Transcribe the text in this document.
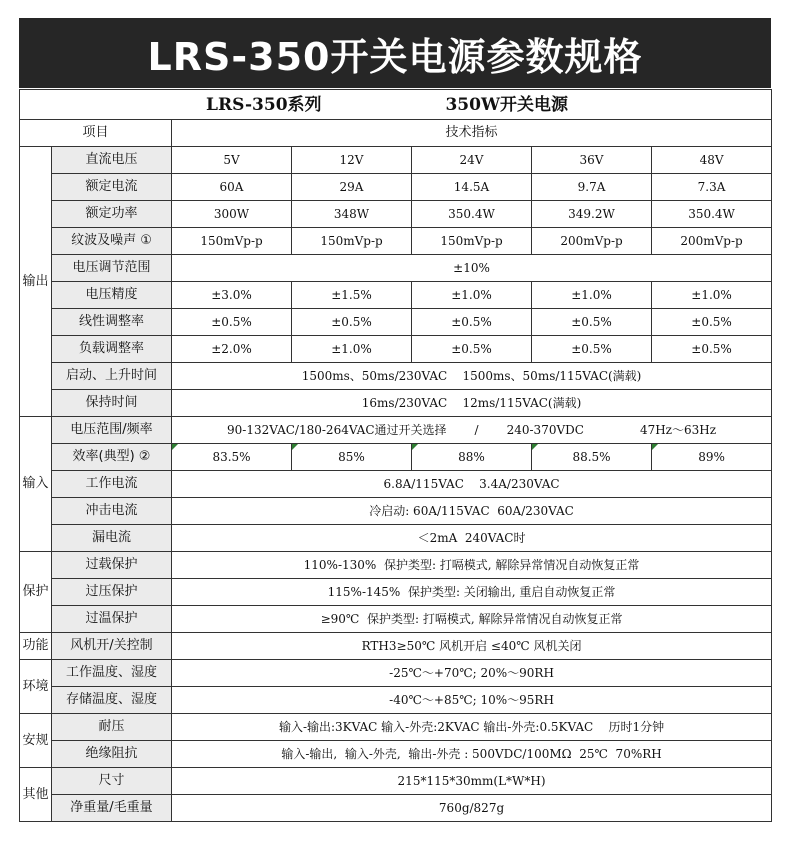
LRS-350开关电源参数规格
LRS-350系列 350W开关电源						
项目		技术指标				
输出	直流电压	5V	12V	24V	36V	48V
	额定电流	60A	29A	14.5A	9.7A	7.3A
	额定功率	300W	348W	350.4W	349.2W	350.4W
	纹波及噪声 ①	150mVp-p	150mVp-p	150mVp-p	200mVp-p	200mVp-p
	电压调节范围	±10%				
	电压精度	±3.0%	±1.5%	±1.0%	±1.0%	±1.0%
	线性调整率	±0.5%	±0.5%	±0.5%	±0.5%	±0.5%
	负载调整率	±2.0%	±1.0%	±0.5%	±0.5%	±0.5%
	启动、上升时间	1500ms、50ms/230VAC    1500ms、50ms/115VAC(满载)				
	保持时间	16ms/230VAC    12ms/115VAC(满载)				
输入	电压范围/频率	90-132VAC/180-264VAC通过开关选择 / 240-370VDC 47Hz～63Hz				
	效率(典型) ②	83.5%	85%	88%	88.5%	89%
	工作电流	6.8A/115VAC    3.4A/230VAC				
	冲击电流	冷启动: 60A/115VAC  60A/230VAC				
	漏电流	＜2mA  240VAC时				
保护	过载保护	110%-130%  保护类型: 打嗝模式, 解除异常情况自动恢复正常				
	过压保护	115%-145%  保护类型: 关闭输出, 重启自动恢复正常				
	过温保护	≥90℃  保护类型: 打嗝模式, 解除异常情况自动恢复正常				
功能	风机开/关控制	RTH3≥50℃ 风机开启 ≤40℃ 风机关闭				
环境	工作温度、湿度	-25℃～+70℃; 20%～90RH				
	存储温度、湿度	-40℃～+85℃; 10%～95RH				
安规	耐压	输入-输出:3KVAC 输入-外壳:2KVAC 输出-外壳:0.5KVAC    历时1分钟				
	绝缘阻抗	输入-输出,  输入-外壳,  输出-外壳 : 500VDC/100MΩ  25℃  70%RH				
其他	尺寸	215*115*30mm(L*W*H)				
	净重量/毛重量	760g/827g				
